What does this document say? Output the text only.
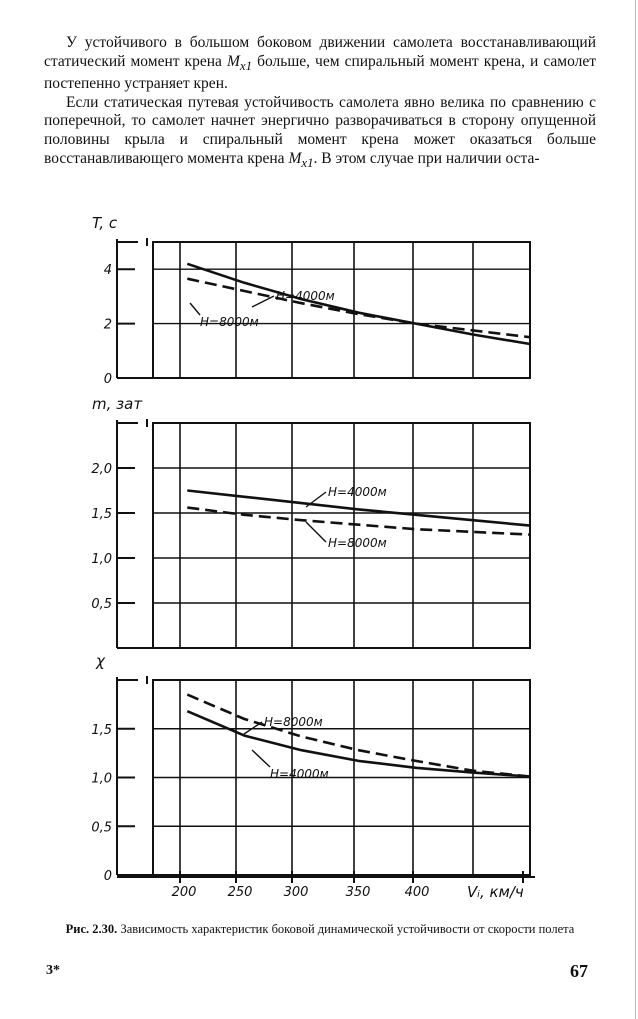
У устойчивого в большом боковом движении самолета восстанавливающий статический момент крена $M_{x1}$ больше, чем спиральный момент крена, и самолет постепенно устраняет крен.

Если статическая путевая устойчивость самолета явно велика по сравнению с поперечной, то самолет начнет энергично разворачиваться в сторону опущенной половины крыла и спиральный момент крена может оказаться больше восстанавливающего момента крена $M_{x1}$. В этом случае при наличии оста-

0
2
4
T, c
0,5
1,0
1,5
2,0
m, зат
0
0,5
1,0
1,5
χ
H=4000м
H=8000м
H=4000м
H=8000м
H=8000м
H=4000м
200 250 300	350	400	Vᵢ, км/ч
Рис. 2.30. Зависимость характеристик боковой динамической устойчивости от скорости полета
3*	67
